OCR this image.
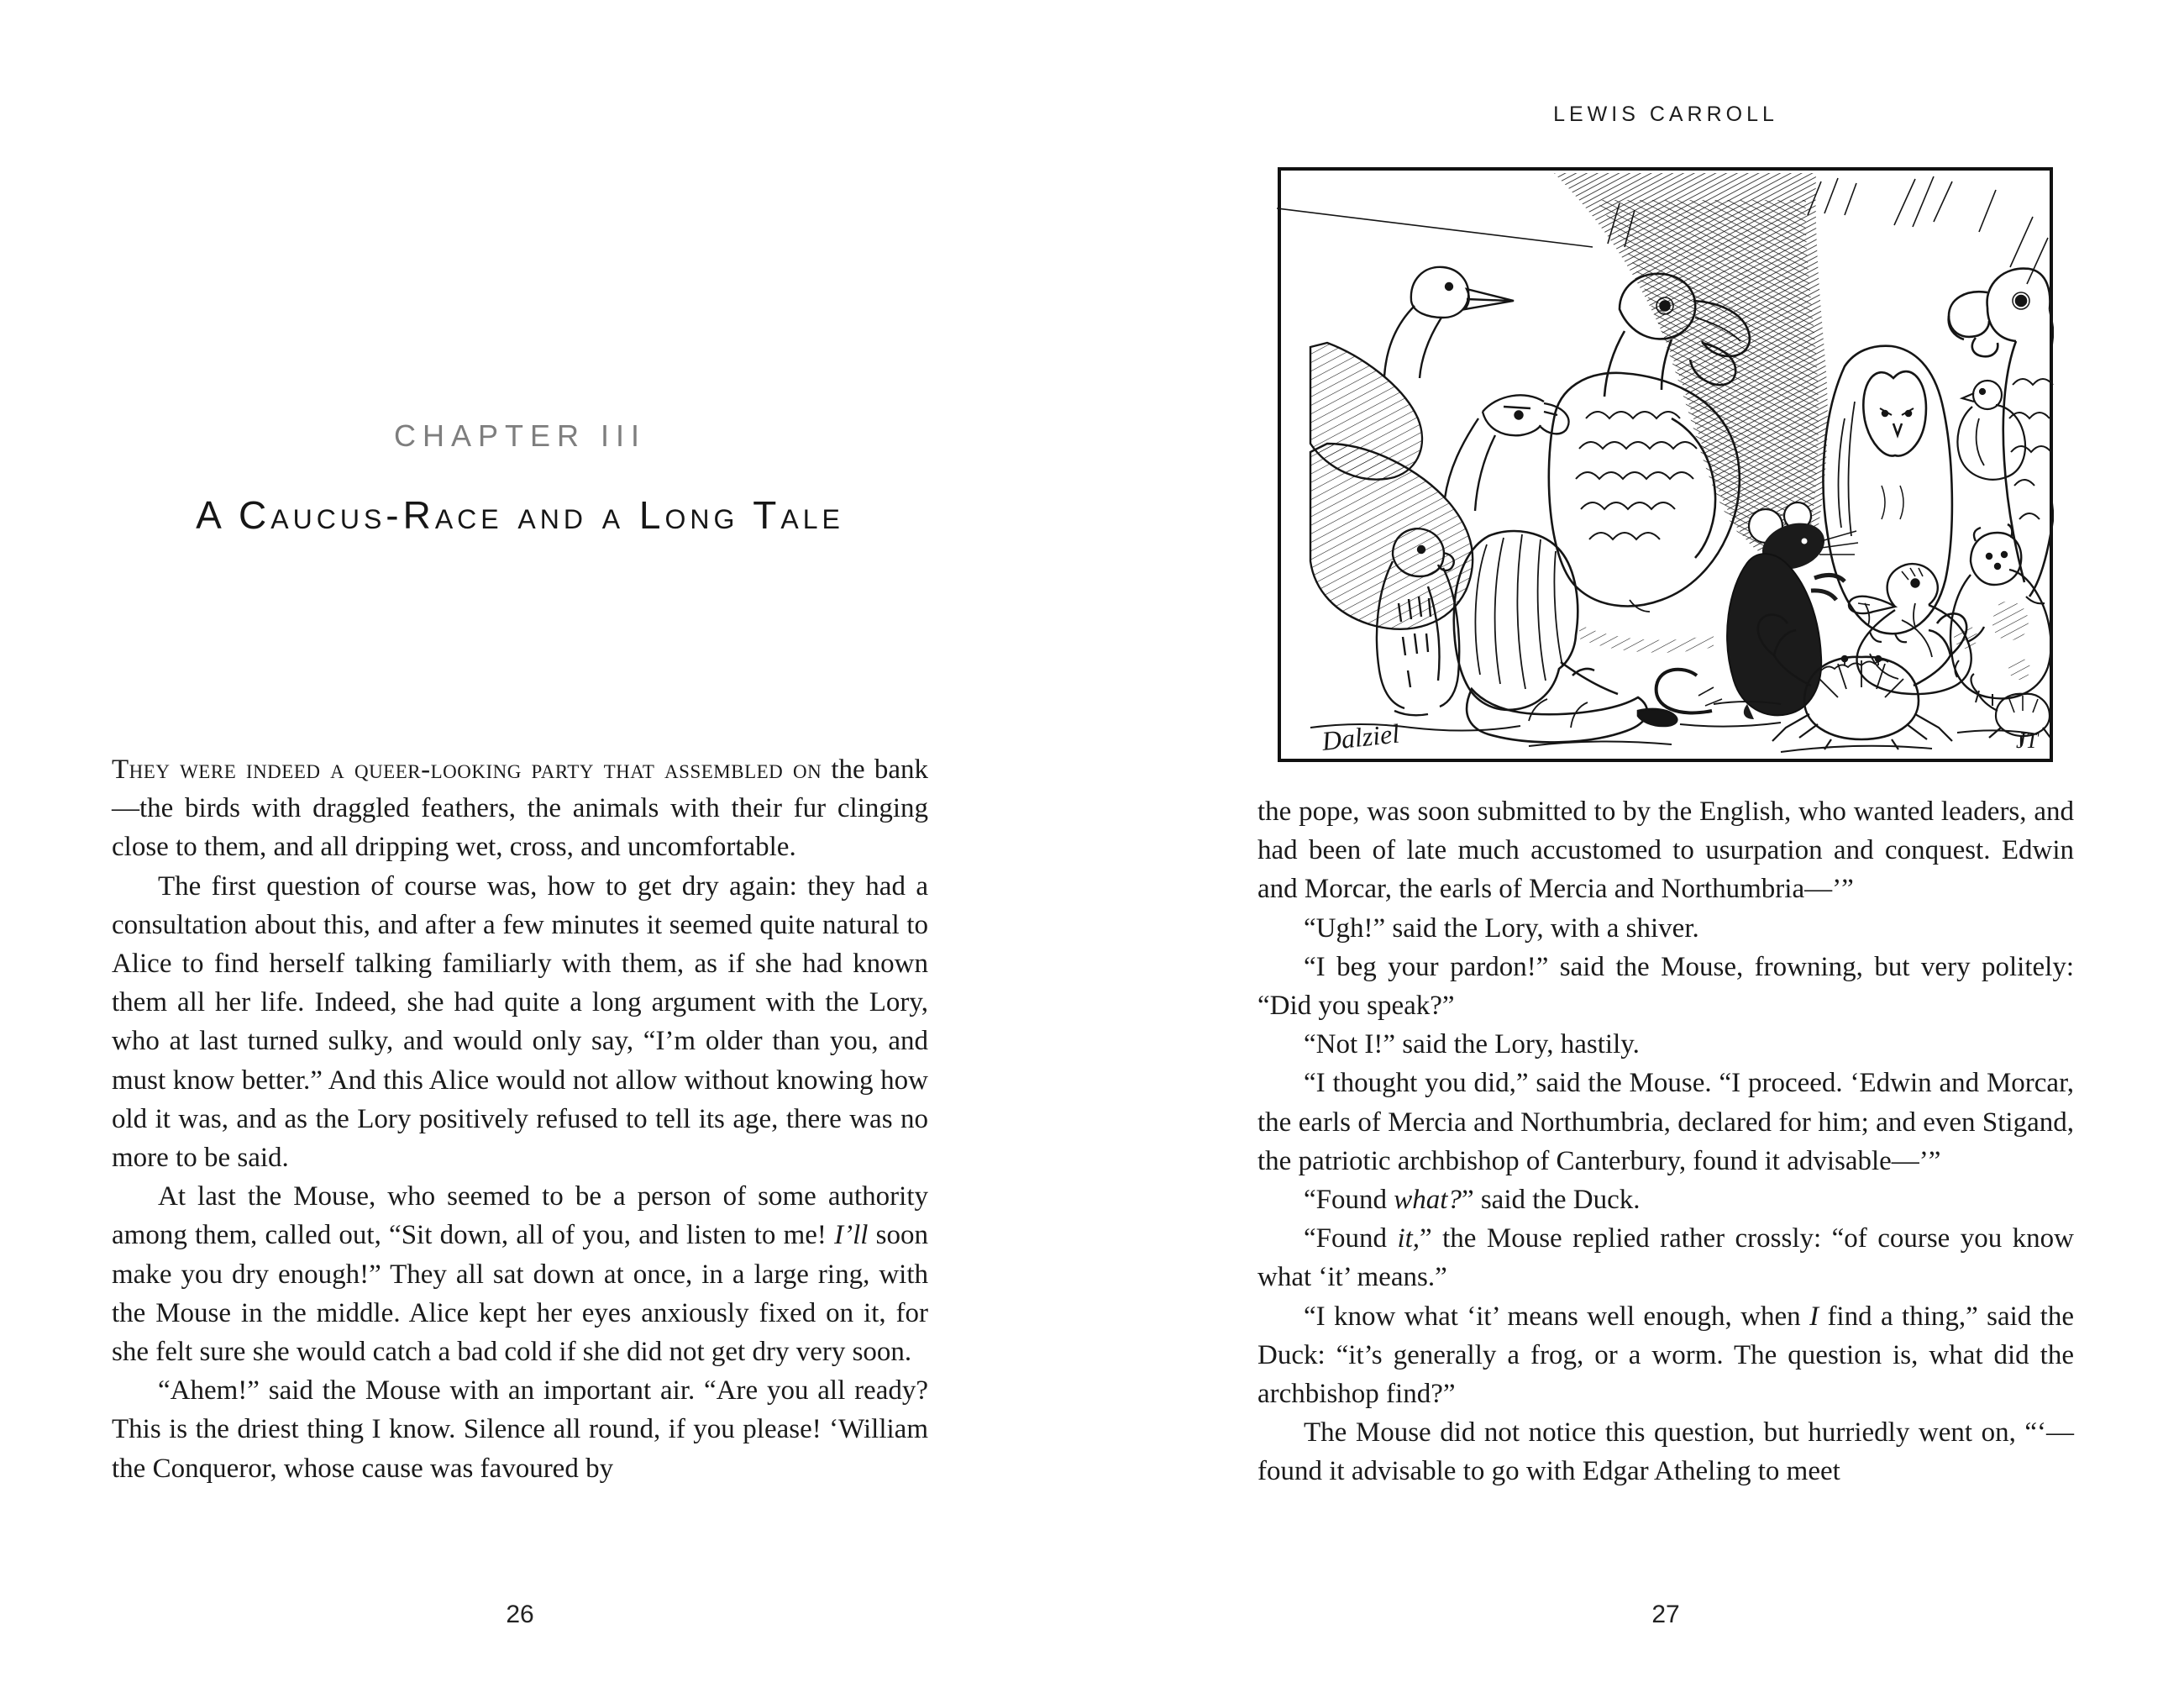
CHAPTER III
A Caucus-Race and a Long Tale

They were indeed a queer-looking party that assembled on the bank—the birds with draggled feathers, the animals with their fur clinging close to them, and all dripping wet, cross, and uncomfortable.

The first question of course was, how to get dry again: they had a consultation about this, and after a few minutes it seemed quite natural to Alice to find herself talking familiarly with them, as if she had known them all her life. Indeed, she had quite a long argument with the Lory, who at last turned sulky, and would only say, “I’m older than you, and must know better.” And this Alice would not allow without knowing how old it was, and as the Lory positively refused to tell its age, there was no more to be said.

At last the Mouse, who seemed to be a person of some authority among them, called out, “Sit down, all of you, and listen to me! I’ll soon make you dry enough!” They all sat down at once, in a large ring, with the Mouse in the middle. Alice kept her eyes anxiously fixed on it, for she felt sure she would catch a bad cold if she did not get dry very soon.

“Ahem!” said the Mouse with an important air. “Are you all ready? This is the driest thing I know. Silence all round, if you please! ‘William the Conqueror, whose cause was favoured by

26
LEWIS CARROLL
Dalziel	JT

the pope, was soon submitted to by the English, who wanted leaders, and had been of late much accustomed to usurpation and conquest. Edwin and Morcar, the earls of Mercia and Northumbria—’”

“Ugh!” said the Lory, with a shiver.

“I beg your pardon!” said the Mouse, frowning, but very politely: “Did you speak?”

“Not I!” said the Lory, hastily.

“I thought you did,” said the Mouse. “I proceed. ‘Edwin and Morcar, the earls of Mercia and Northumbria, declared for him; and even Stigand, the patriotic archbishop of Canterbury, found it advisable—’”

“Found what?” said the Duck.

“Found it,” the Mouse replied rather crossly: “of course you know what ‘it’ means.”

“I know what ‘it’ means well enough, when I find a thing,” said the Duck: “it’s generally a frog, or a worm. The question is, what did the archbishop find?”

The Mouse did not notice this question, but hurriedly went on, “‘—found it advisable to go with Edgar Atheling to meet

27
